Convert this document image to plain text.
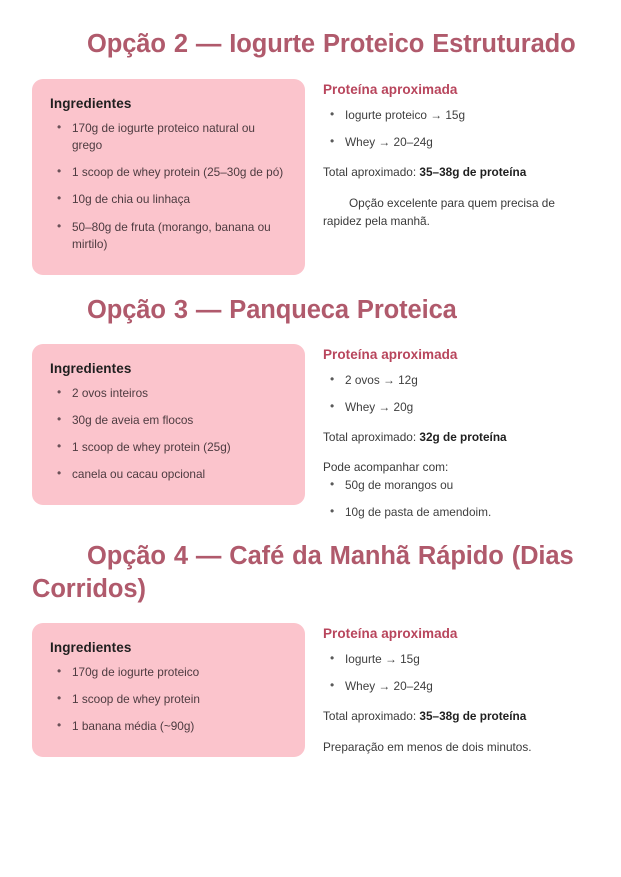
Opção 2 — Iogurte Proteico Estruturado
Ingredientes
• 170g de iogurte proteico natural ou grego
• 1 scoop de whey protein (25–30g de pó)
• 10g de chia ou linhaça
• 50–80g de fruta (morango, banana ou mirtilo)
Proteína aproximada
• Iogurte proteico → 15g
• Whey → 20–24g

Total aproximado: 35–38g de proteína

Opção excelente para quem precisa de rapidez pela manhã.

Opção 3 — Panqueca Proteica
Ingredientes
• 2 ovos inteiros
• 30g de aveia em flocos
• 1 scoop de whey protein (25g)
• canela ou cacau opcional
Proteína aproximada
• 2 ovos → 12g
• Whey → 20g

Total aproximado: 32g de proteína

Pode acompanhar com:

• 50g de morangos ou
• 10g de pasta de amendoim.
Opção 4 — Café da Manhã Rápido (Dias Corridos)
Ingredientes
• 170g de iogurte proteico
• 1 scoop de whey protein
• 1 banana média (~90g)
Proteína aproximada
• Iogurte → 15g
• Whey → 20–24g

Total aproximado: 35–38g de proteína

Preparação em menos de dois minutos.
